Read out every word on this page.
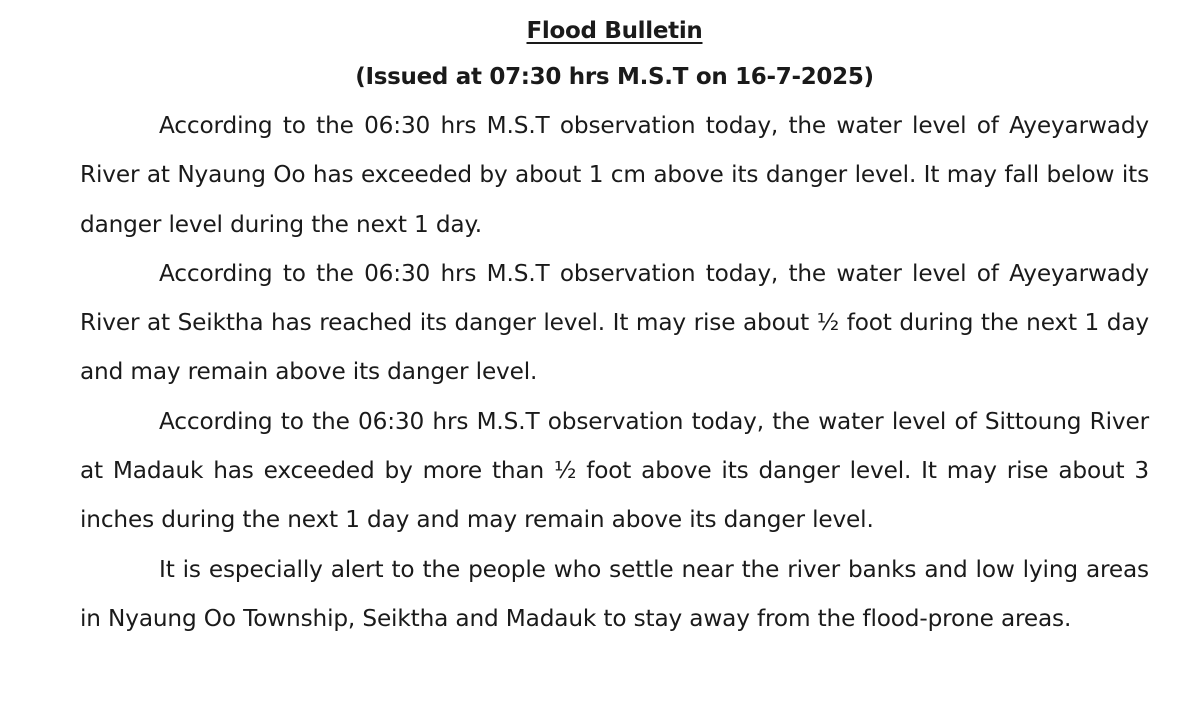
Flood Bulletin

(Issued at 07:30 hrs M.S.T on 16-7-2025)

According to the 06:30 hrs M.S.T observation today, the water level of Ayeyarwady River at Nyaung Oo has exceeded by about 1 cm above its danger level. It may fall below its danger level during the next 1 day.

According to the 06:30 hrs M.S.T observation today, the water level of Ayeyarwady River at Seiktha has reached its danger level. It may rise about ½ foot during the next 1 day and may remain above its danger level.

According to the 06:30 hrs M.S.T observation today, the water level of Sittoung River at Madauk has exceeded by more than ½ foot above its danger level. It may rise about 3 inches during the next 1 day and may remain above its danger level.

It is especially alert to the people who settle near the river banks and low lying areas in Nyaung Oo Township, Seiktha and Madauk to stay away from the flood-prone areas.
